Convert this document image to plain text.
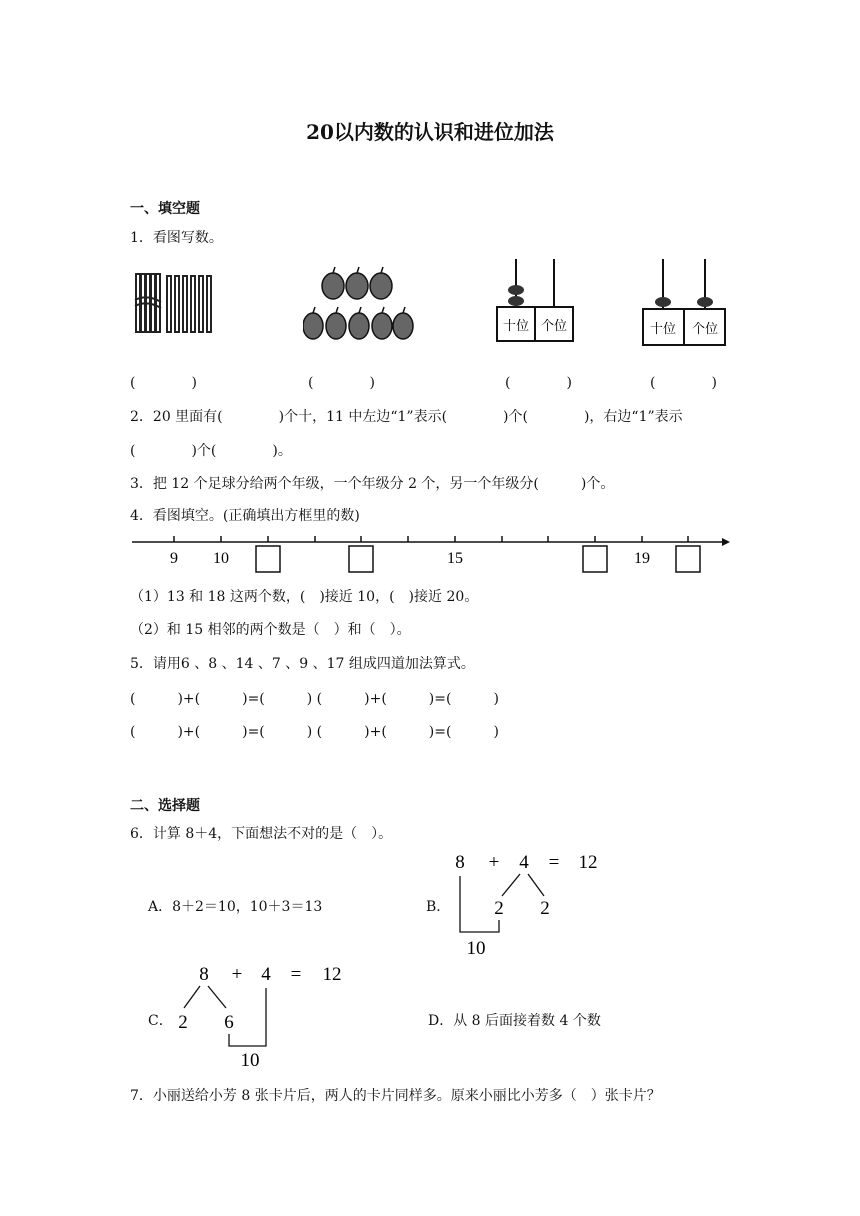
20以内数的认识和进位加法
一、填空题
1．看图写数。
十位 个位	十位 个位
(　　　　)	(　　　　)	(　　　　)	(　　　　)
2．20 里面有(　　　　)个十，11 中左边“1”表示(　　　　)个(　　　　)，右边“1”表示
(　　　　)个(　　　　)。
3．把 12 个足球分给两个年级，一个年级分 2 个，另一个年级分(　　　)个。
4．看图填空。(正确填出方框里的数)
9 10	15	19
（1）13 和 18 这两个数，(　)接近 10，(　)接近 20。
（2）和 15 相邻的两个数是（　）和（　）。
5．请用6 、8 、14 、7 、9 、17 组成四道加法算式。
(　　　)+(　　　)=(　　　) (　　　)+(　　　)=(　　　)
(　　　)+(　　　)=(　　　) (　　　)+(　　　)=(　　　)
二、选择题
6．计算 8＋4，下面想法不对的是（　）。
A．8＋2＝10，10＋3＝13	B．
8 + 4 = 12
2 2
10
C．
8 + 4 = 12
2 6
10
D．从 8 后面接着数 4 个数
7．小丽送给小芳 8 张卡片后，两人的卡片同样多。原来小丽比小芳多（　）张卡片？
